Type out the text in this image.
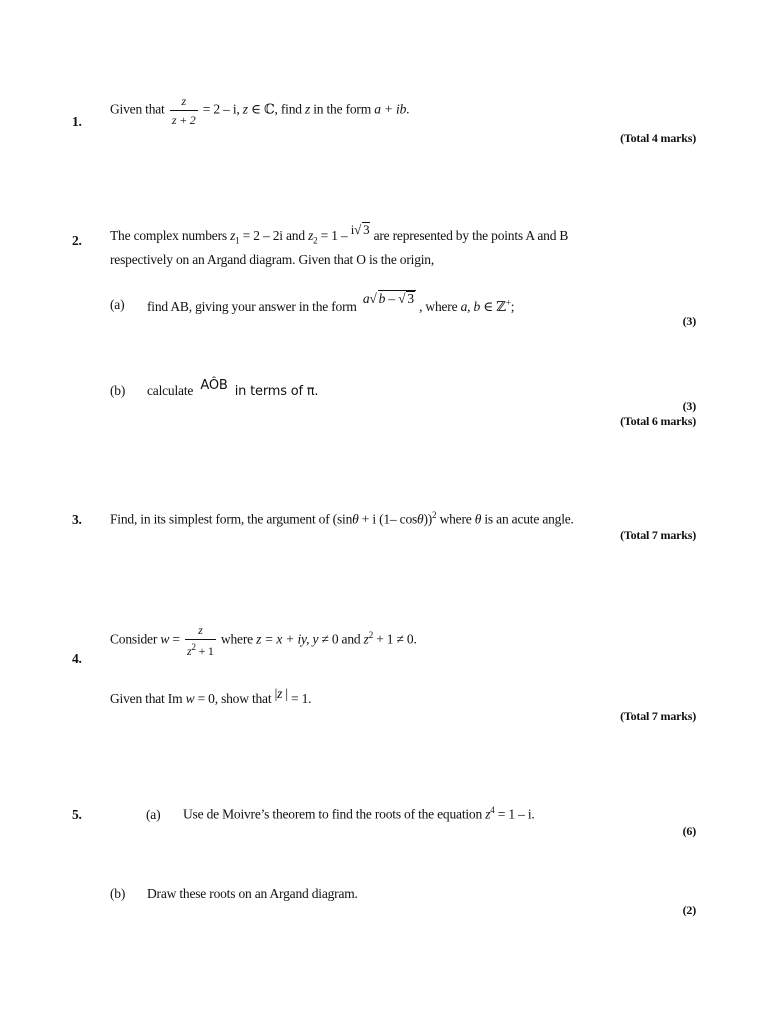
1.
Given that $\frac{z}{z + 2} = 2 - i$, z ∈ ℂ, find z in the form a + ib.
(Total 4 marks)
2. The complex numbers $z_1 = 2 - 2i$ and $z_2 = 1 - i√$ 3 are represented by the points A and B
respectively on an Argand diagram. Given that O is the origin,
(a) find AB, giving your answer in the form a√ b – √ 3 , where a, b ∈ ℤ+;
(3)
(b) calculate AÔB in terms of π.
(3)
(Total 6 marks)
3. Find, in its simplest form, the argument of (sinθ + i (1– cosθ))$^2$ where θ is an acute angle.
(Total 7 marks)
4.
Consider $w = \frac{z}{z^2 + 1}$ where z = x + iy, y ≠ 0 and $z^2 + 1 \ne 0$.
Given that Im w = 0, show that |z | = 1.
(Total 7 marks)
5.	(a) Use de Moivre’s theorem to find the roots of the equation $z^4 = 1 - i$.
(6)
(b) Draw these roots on an Argand diagram.
(2)
